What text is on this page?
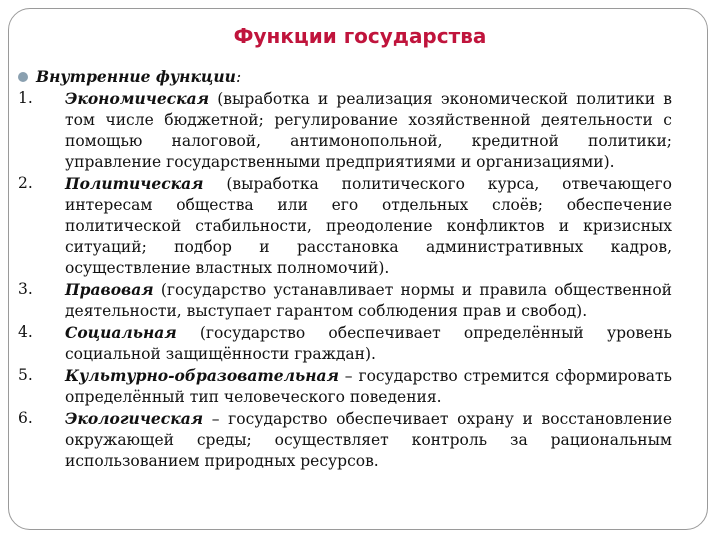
Функции государства
Внутренние функции:
1. Экономическая (выработка и реализация экономической политики в том числе бюджетной; регулирование хозяйственной деятельности с помощью налоговой, антимонопольной, кредитной политики; управление государственными предприятиями и организациями).
2. Политическая (выработка политического курса, отвечающего интересам общества или его отдельных слоёв; обеспечение политической стабильности, преодоление конфликтов и кризисных ситуаций; подбор и расстановка административных кадров, осуществление властных полномочий).
3. Правовая (государство устанавливает нормы и правила общественной деятельности, выступает гарантом соблюдения прав и свобод).
4. Социальная (государство обеспечивает определённый уровень социальной защищённости граждан).
5. Культурно-образовательная – государство стремится сформировать определённый тип человеческого поведения.
6. Экологическая – государство обеспечивает охрану и восстановление окружающей среды; осуществляет контроль за рациональным использованием природных ресурсов.
